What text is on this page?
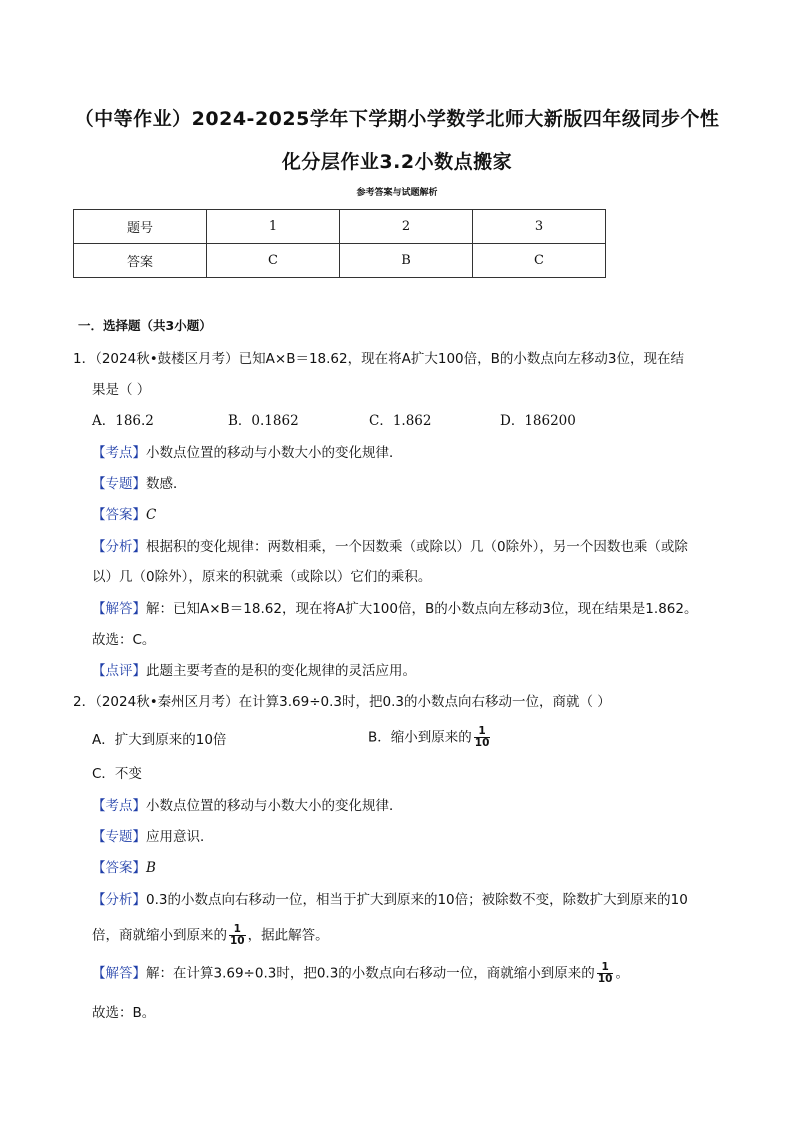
（中等作业）2024-2025学年下学期小学数学北师大新版四年级同步个性
化分层作业3.2小数点搬家
参考答案与试题解析
题号	1	2	3
答案	C	B	C
一．选择题（共3小题）
1．（2024秋•鼓楼区月考）已知A×B＝18.62，现在将A扩大100倍，B的小数点向左移动3位，现在结
果是（ ）
A．186.2	B．0.1862	C．1.862	D．186200
【考点】小数点位置的移动与小数大小的变化规律．
【专题】数感．
【答案】C
【分析】根据积的变化规律：两数相乘，一个因数乘（或除以）几（0除外），另一个因数也乘（或除
以）几（0除外），原来的积就乘（或除以）它们的乘积。
【解答】解：已知A×B＝18.62，现在将A扩大100倍，B的小数点向左移动3位，现在结果是1.862。
故选：C。
【点评】此题主要考查的是积的变化规律的灵活应用。
2．（2024秋•秦州区月考）在计算3.69÷0.3时，把0.3的小数点向右移动一位，商就（ ）
A．扩大到原来的10倍	B．缩小到原来的 $\frac{1}{10}$
C．不变
【考点】小数点位置的移动与小数大小的变化规律．
【专题】应用意识．
【答案】B
【分析】0.3的小数点向右移动一位，相当于扩大到原来的10倍；被除数不变，除数扩大到原来的10
倍，商就缩小到原来的 $\frac{1}{10}$ ，据此解答。
【解答】解：在计算3.69÷0.3时，把0.3的小数点向右移动一位，商就缩小到原来的 $\frac{1}{10}$ 。
故选：B。
